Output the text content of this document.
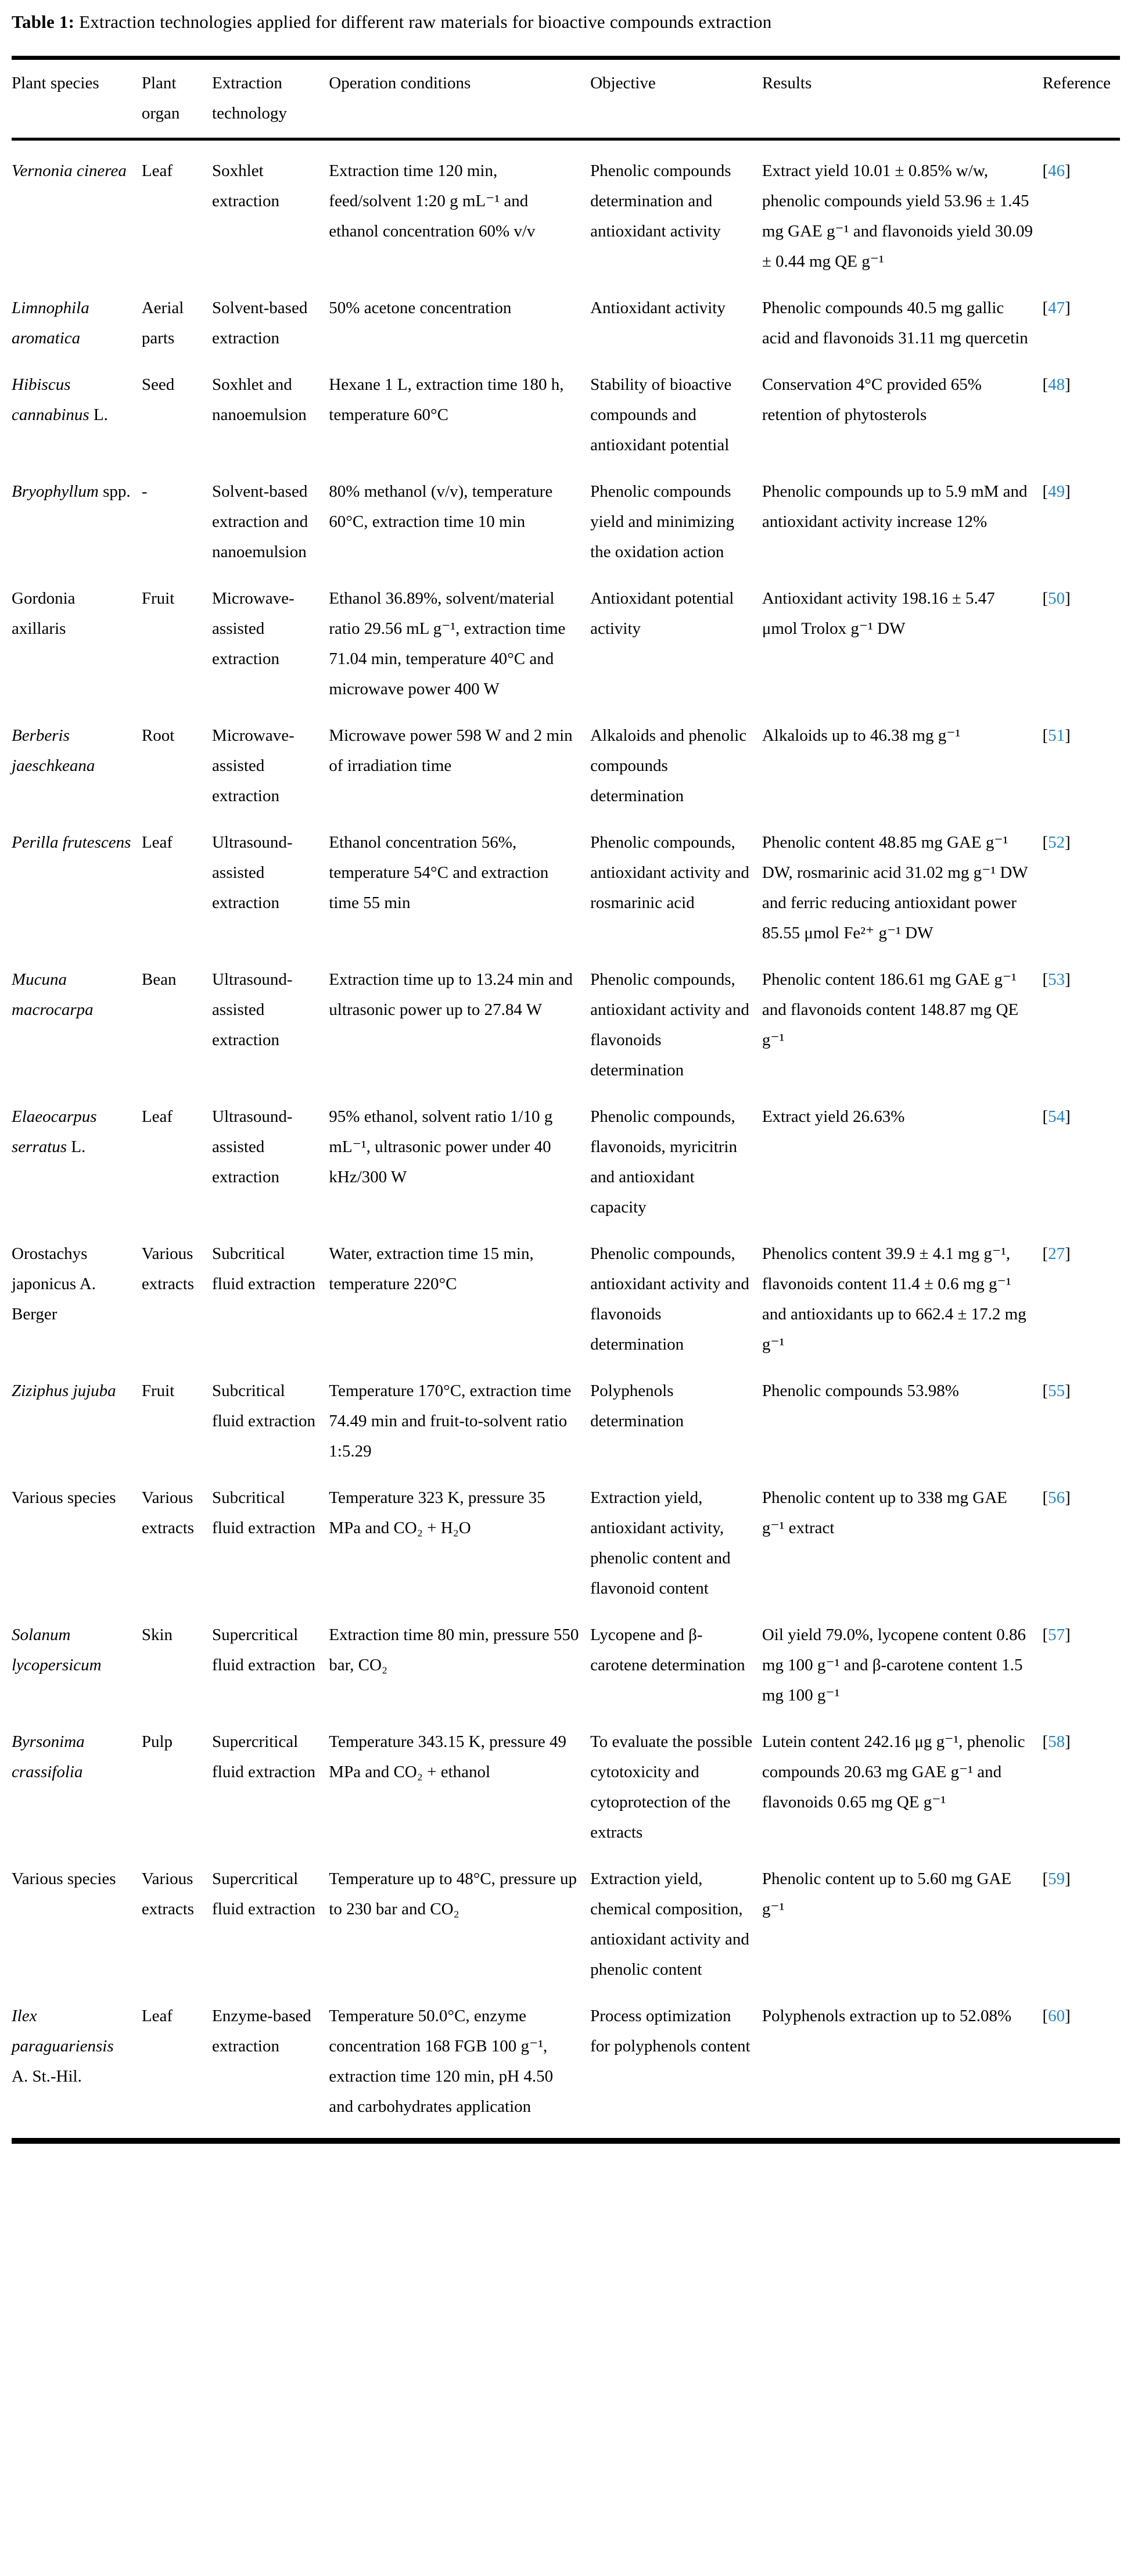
Table 1: Extraction technologies applied for different raw materials for bioactive compounds extraction
Plant species	Plant organ	Extraction technology	Operation conditions	Objective	Results	Reference
Vernonia cinerea	Leaf	Soxhlet extraction	Extraction time 120 min, feed/solvent 1:20 g mL⁻¹ and ethanol concentration 60% v/v	Phenolic compounds determination and antioxidant activity	Extract yield 10.01 ± 0.85% w/w, phenolic compounds yield 53.96 ± 1.45 mg GAE g⁻¹ and flavonoids yield 30.09 ± 0.44 mg QE g⁻¹	[46]
Limnophila aromatica	Aerial parts	Solvent-based extraction	50% acetone concentration	Antioxidant activity	Phenolic compounds 40.5 mg gallic acid and flavonoids 31.11 mg quercetin	[47]
Hibiscus cannabinus L.	Seed	Soxhlet and nanoemulsion	Hexane 1 L, extraction time 180 h, temperature 60°C	Stability of bioactive compounds and antioxidant potential	Conservation 4°C provided 65% retention of phytosterols	[48]
Bryophyllum spp.	-	Solvent-based extraction and nanoemulsion	80% methanol (v/v), temperature 60°C, extraction time 10 min	Phenolic compounds yield and minimizing the oxidation action	Phenolic compounds up to 5.9 mM and antioxidant activity increase 12%	[49]
Gordonia axillaris	Fruit	Microwave-assisted extraction	Ethanol 36.89%, solvent/material ratio 29.56 mL g⁻¹, extraction time 71.04 min, temperature 40°C and microwave power 400 W	Antioxidant potential activity	Antioxidant activity 198.16 ± 5.47 μmol Trolox g⁻¹ DW	[50]
Berberis jaeschkeana	Root	Microwave-assisted extraction	Microwave power 598 W and 2 min of irradiation time	Alkaloids and phenolic compounds determination	Alkaloids up to 46.38 mg g⁻¹	[51]
Perilla frutescens	Leaf	Ultrasound-assisted extraction	Ethanol concentration 56%, temperature 54°C and extraction time 55 min	Phenolic compounds, antioxidant activity and rosmarinic acid	Phenolic content 48.85 mg GAE g⁻¹ DW, rosmarinic acid 31.02 mg g⁻¹ DW and ferric reducing antioxidant power 85.55 μmol Fe²⁺ g⁻¹ DW	[52]
Mucuna macrocarpa	Bean	Ultrasound-assisted extraction	Extraction time up to 13.24 min and ultrasonic power up to 27.84 W	Phenolic compounds, antioxidant activity and flavonoids determination	Phenolic content 186.61 mg GAE g⁻¹ and flavonoids content 148.87 mg QE g⁻¹	[53]
Elaeocarpus serratus L.	Leaf	Ultrasound-assisted extraction	95% ethanol, solvent ratio 1/10 g mL⁻¹, ultrasonic power under 40 kHz/300 W	Phenolic compounds, flavonoids, myricitrin and antioxidant capacity	Extract yield 26.63%	[54]
Orostachys japonicus A. Berger	Various extracts	Subcritical fluid extraction	Water, extraction time 15 min, temperature 220°C	Phenolic compounds, antioxidant activity and flavonoids determination	Phenolics content 39.9 ± 4.1 mg g⁻¹, flavonoids content 11.4 ± 0.6 mg g⁻¹ and antioxidants up to 662.4 ± 17.2 mg g⁻¹	[27]
Ziziphus jujuba	Fruit	Subcritical fluid extraction	Temperature 170°C, extraction time 74.49 min and fruit-to-solvent ratio 1:5.29	Polyphenols determination	Phenolic compounds 53.98%	[55]
Various species	Various extracts	Subcritical fluid extraction	Temperature 323 K, pressure 35 MPa and CO₂ + H₂O	Extraction yield, antioxidant activity, phenolic content and flavonoid content	Phenolic content up to 338 mg GAE g⁻¹ extract	[56]
Solanum lycopersicum	Skin	Supercritical fluid extraction	Extraction time 80 min, pressure 550 bar, CO₂	Lycopene and β-carotene determination	Oil yield 79.0%, lycopene content 0.86 mg 100 g⁻¹ and β-carotene content 1.5 mg 100 g⁻¹	[57]
Byrsonima crassifolia	Pulp	Supercritical fluid extraction	Temperature 343.15 K, pressure 49 MPa and CO₂ + ethanol	To evaluate the possible cytotoxicity and cytoprotection of the extracts	Lutein content 242.16 μg g⁻¹, phenolic compounds 20.63 mg GAE g⁻¹ and flavonoids 0.65 mg QE g⁻¹	[58]
Various species	Various extracts	Supercritical fluid extraction	Temperature up to 48°C, pressure up to 230 bar and CO₂	Extraction yield, chemical composition, antioxidant activity and phenolic content	Phenolic content up to 5.60 mg GAE g⁻¹	[59]
Ilex paraguariensis A. St.-Hil.	Leaf	Enzyme-based extraction	Temperature 50.0°C, enzyme concentration 168 FGB 100 g⁻¹, extraction time 120 min, pH 4.50 and carbohydrates application	Process optimization for polyphenols content	Polyphenols extraction up to 52.08%	[60]
